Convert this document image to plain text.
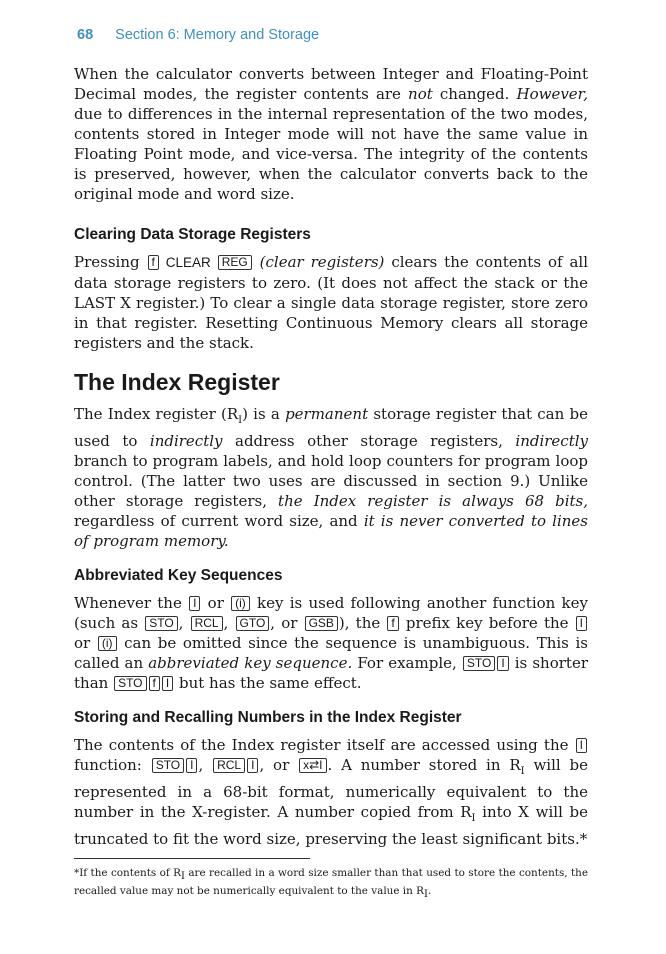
68 Section 6: Memory and Storage

When the calculator converts between Integer and Floating-Point Decimal modes, the register contents are not changed. However, due to differences in the internal representation of the two modes, contents stored in Integer mode will not have the same value in Floating Point mode, and vice-versa. The integrity of the contents is preserved, however, when the calculator converts back to the original mode and word size.

Clearing Data Storage Registers

Pressing f CLEAR REG (clear registers) clears the contents of all data storage registers to zero. (It does not affect the stack or the LAST X register.) To clear a single data storage register, store zero in that register. Resetting Continuous Memory clears all storage registers and the stack.

The Index Register

The Index register $(R_I)$ is a permanent storage register that can be used to indirectly address other storage registers, indirectly branch to program labels, and hold loop counters for program loop control. (The latter two uses are discussed in section 9.) Unlike other storage registers, the Index register is always 68 bits, regardless of current word size, and it is never converted to lines of program memory.

Abbreviated Key Sequences

Whenever the I or (i) key is used following another function key (such as STO , RCL , GTO , or GSB ), the f prefix key before the I or (i) can be omitted since the sequence is unambiguous. This is called an abbreviated key sequence. For example, STO I is shorter than STO f I but has the same effect.

Storing and Recalling Numbers in the Index Register

The contents of the Index register itself are accessed using the I function: STO I , RCL I , or x⇄I . A number stored in $R_I$ will be represented in a 68-bit format, numerically equivalent to the number in the X-register. A number copied from $R_I$ into X will be truncated to fit the word size, preserving the least significant bits.*

*If the contents of $R_I$ are recalled in a word size smaller than that used to store the contents, the recalled value may not be numerically equivalent to the value in $R_I$.
